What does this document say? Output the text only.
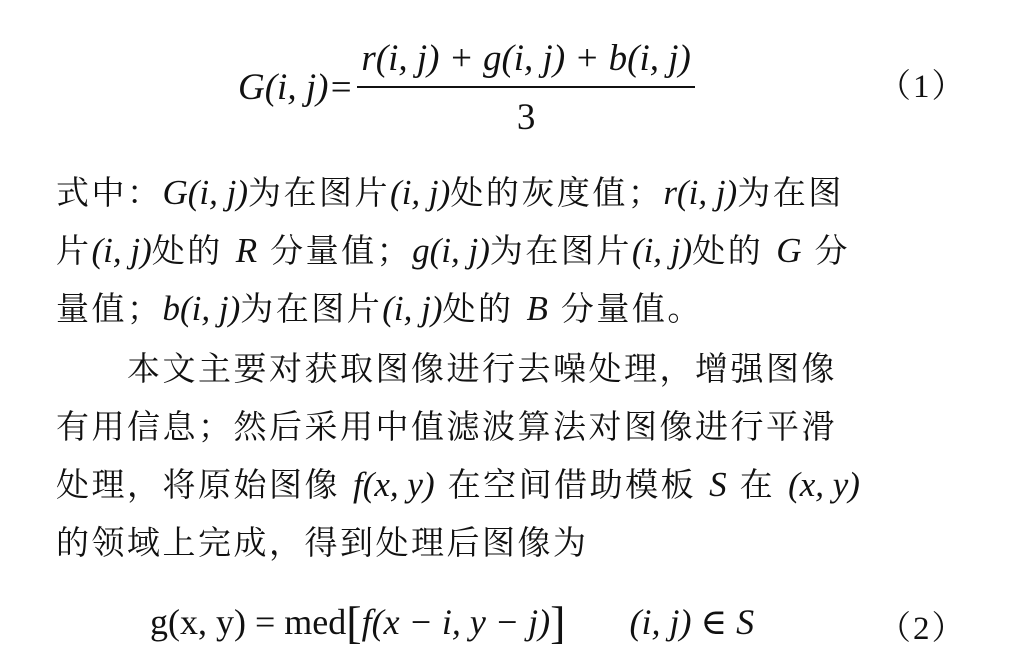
G(i, $j)= \frac{r(i, j) + g(i, j) + b(i, j)}{3}$	（1）
式中：G(i, j)为在图片(i, j)处的灰度值；r(i, j)为在图
片(i, j)处的 R 分量值；g(i, j)为在图片(i, j)处的 G 分
量值；b(i, j)为在图片(i, j)处的 B 分量值。
　　本文主要对获取图像进行去噪处理，增强图像
有用信息；然后采用中值滤波算法对图像进行平滑
处理，将原始图像 f(x, y) 在空间借助模板 S 在 (x, y)
的领域上完成，得到处理后图像为
g(x, y) = med[f(x − i, y − j)] (i, j) ∈ S	（2）
